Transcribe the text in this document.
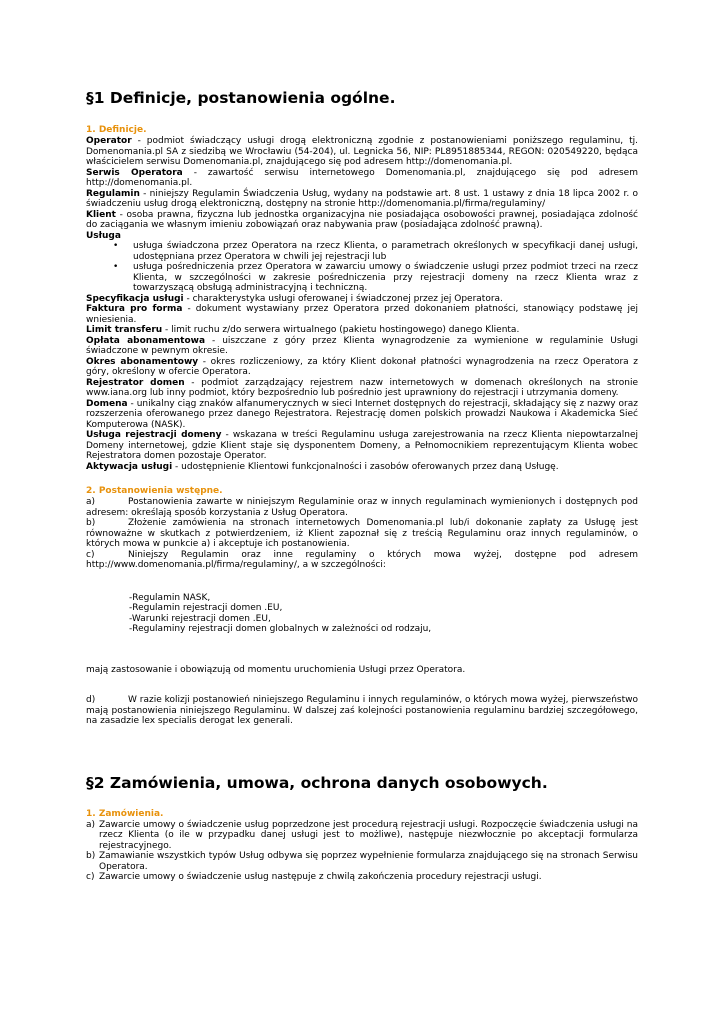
§1 Definicje, postanowienia ogólne.
1. Definicje.
Operator - podmiot świadczący usługi drogą elektroniczną zgodnie z postanowieniami poniższego regulaminu, tj. Domenomania.pl SA z siedzibą we Wrocławiu (54-204), ul. Legnicka 56, NIP: PL8951885344, REGON: 020549220, będąca właścicielem serwisu Domenomania.pl, znajdującego się pod adresem http://domenomania.pl.
Serwis Operatora - zawartość serwisu internetowego Domenomania.pl, znajdującego się pod adresem http://domenomania.pl.
Regulamin - niniejszy Regulamin Świadczenia Usług, wydany na podstawie art. 8 ust. 1 ustawy z dnia 18 lipca 2002 r. o świadczeniu usług drogą elektroniczną, dostępny na stronie http://domenomania.pl/firma/regulaminy/
Klient - osoba prawna, fizyczna lub jednostka organizacyjna nie posiadająca osobowości prawnej, posiadająca zdolność do zaciągania we własnym imieniu zobowiązań oraz nabywania praw (posiadająca zdolność prawną).
Usługa
• usługa świadczona przez Operatora na rzecz Klienta, o parametrach określonych w specyfikacji danej usługi, udostępniana przez Operatora w chwili jej rejestracji lub
• usługa pośredniczenia przez Operatora w zawarciu umowy o świadczenie usługi przez podmiot trzeci na rzecz Klienta, w szczególności w zakresie pośredniczenia przy rejestracji domeny na rzecz Klienta wraz z towarzyszącą obsługą administracyjną i techniczną.
Specyfikacja usługi - charakterystyka usługi oferowanej i świadczonej przez jej Operatora.
Faktura pro forma - dokument wystawiany przez Operatora przed dokonaniem płatności, stanowiący podstawę jej wniesienia.
Limit transferu - limit ruchu z/do serwera wirtualnego (pakietu hostingowego) danego Klienta.
Opłata abonamentowa - uiszczane z góry przez Klienta wynagrodzenie za wymienione w regulaminie Usługi świadczone w pewnym okresie.
Okres abonamentowy - okres rozliczeniowy, za który Klient dokonał płatności wynagrodzenia na rzecz Operatora z góry, określony w ofercie Operatora.
Rejestrator domen - podmiot zarządzający rejestrem nazw internetowych w domenach określonych na stronie www.iana.org lub inny podmiot, który bezpośrednio lub pośrednio jest uprawniony do rejestracji i utrzymania domeny.
Domena - unikalny ciąg znaków alfanumerycznych w sieci Internet dostępnych do rejestracji, składający się z nazwy oraz rozszerzenia oferowanego przez danego Rejestratora. Rejestrację domen polskich prowadzi Naukowa i Akademicka Sieć Komputerowa (NASK).
Usługa rejestracji domeny - wskazana w treści Regulaminu usługa zarejestrowania na rzecz Klienta niepowtarzalnej Domeny internetowej, gdzie Klient staje się dysponentem Domeny, a Pełnomocnikiem reprezentującym Klienta wobec Rejestratora domen pozostaje Operator.
Aktywacja usługi - udostępnienie Klientowi funkcjonalności i zasobów oferowanych przez daną Usługę.
2. Postanowienia wstępne.
a)	Postanowienia zawarte w niniejszym Regulaminie oraz w innych regulaminach wymienionych i dostępnych pod adresem: określają sposób korzystania z Usług Operatora.
b)	Złożenie zamówienia na stronach internetowych Domenomania.pl lub/i dokonanie zapłaty za Usługę jest równoważne w skutkach z potwierdzeniem, iż Klient zapoznał się z treścią Regulaminu oraz innych regulaminów, o których mowa w punkcie a) i akceptuje ich postanowienia.
c)	Niniejszy Regulamin oraz inne regulaminy o których mowa wyżej, dostępne pod adresem http://www.domenomania.pl/firma/regulaminy/, a w szczególności:
-Regulamin NASK,
-Regulamin rejestracji domen .EU,
-Warunki rejestracji domen .EU,
-Regulaminy rejestracji domen globalnych w zależności od rodzaju,
mają zastosowanie i obowiązują od momentu uruchomienia Usługi przez Operatora.
d)	W razie kolizji postanowień niniejszego Regulaminu i innych regulaminów, o których mowa wyżej, pierwszeństwo mają postanowienia niniejszego Regulaminu. W dalszej zaś kolejności postanowienia regulaminu bardziej szczegółowego, na zasadzie lex specialis derogat lex generali.
§2 Zamówienia, umowa, ochrona danych osobowych.
1. Zamówienia.
a) Zawarcie umowy o świadczenie usług poprzedzone jest procedurą rejestracji usługi. Rozpoczęcie świadczenia usługi na rzecz Klienta (o ile w przypadku danej usługi jest to możliwe), następuje niezwłocznie po akceptacji formularza rejestracyjnego.
b) Zamawianie wszystkich typów Usług odbywa się poprzez wypełnienie formularza znajdującego się na stronach Serwisu Operatora.
c) Zawarcie umowy o świadczenie usług następuje z chwilą zakończenia procedury rejestracji usługi.
